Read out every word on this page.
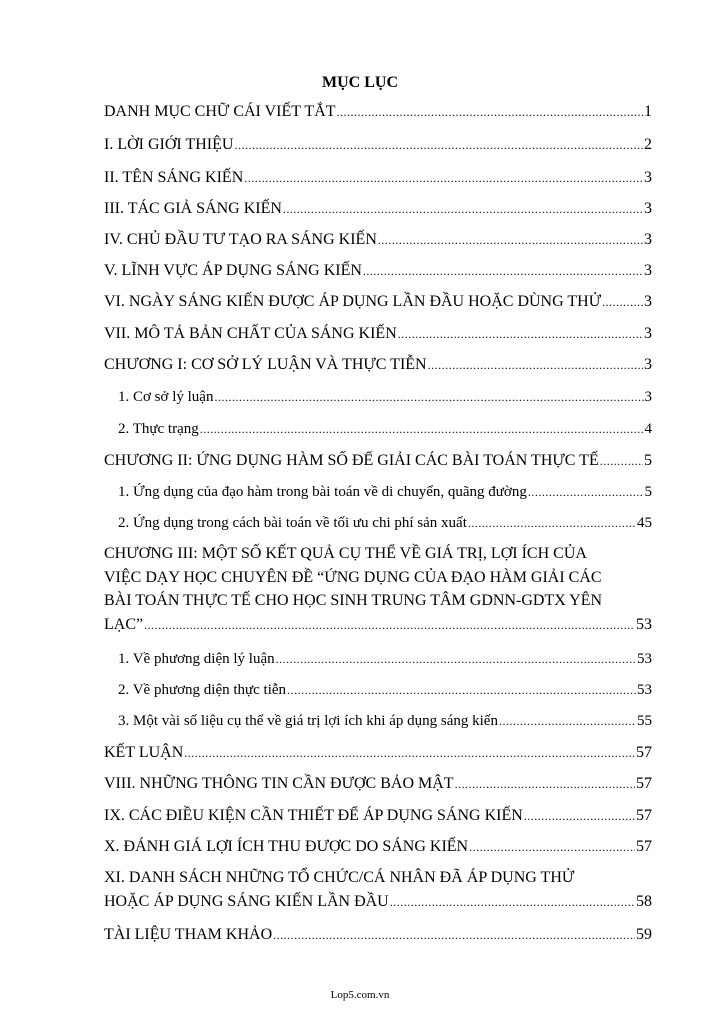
MỤC LỤC
DANH MỤC CHỮ CÁI VIẾT TẮT .....	1
I. LỜI GIỚI THIỆU .....	2
II. TÊN SÁNG KIẾN .....	3
III. TÁC GIẢ SÁNG KIẾN .....	3
IV. CHỦ ĐẦU TƯ TẠO RA SÁNG KIẾN .....	3
V. LĨNH VỰC ÁP DỤNG SÁNG KIẾN .....	3
VI. NGÀY SÁNG KIẾN ĐƯỢC ÁP DỤNG LẦN ĐẦU HOẶC DÙNG THỬ .....	3
VII. MÔ TẢ BẢN CHẤT CỦA SÁNG KIẾN .....	3
CHƯƠNG I: CƠ SỞ LÝ LUẬN VÀ THỰC TIỄN .....	3
1. Cơ sở lý luận .....	3
2. Thực trạng .....	4
CHƯƠNG II: ỨNG DỤNG HÀM SỐ ĐỂ GIẢI CÁC BÀI TOÁN THỰC TẾ .....	5
1. Ứng dụng của đạo hàm trong bài toán về di chuyển, quãng đường .....	5
2. Ứng dụng trong cách bài toán về tối ưu chi phí sản xuất .....	45
CHƯƠNG III: MỘT SỐ KẾT QUẢ CỤ THỂ VỀ GIÁ TRỊ, LỢI ÍCH CỦA
VIỆC DẠY HỌC CHUYÊN ĐỀ “ỨNG DỤNG CỦA ĐẠO HÀM GIẢI CÁC
BÀI TOÁN THỰC TẾ CHO HỌC SINH TRUNG TÂM GDNN-GDTX YÊN
LẠC” .....	53
1. Về phương diện lý luận .....	53
2. Về phương diện thực tiễn .....	53
3. Một vài số liệu cụ thể về giá trị lợi ích khi áp dụng sáng kiến .....	55
KẾT LUẬN .....	57
VIII. NHỮNG THÔNG TIN CẦN ĐƯỢC BẢO MẬT .....	57
IX. CÁC ĐIỀU KIỆN CẦN THIẾT ĐỂ ÁP DỤNG SÁNG KIẾN .....	57
X. ĐÁNH GIÁ LỢI ÍCH THU ĐƯỢC DO SÁNG KIẾN .....	57
XI. DANH SÁCH NHỮNG TỔ CHỨC/CÁ NHÂN ĐÃ ÁP DỤNG THỬ
HOẶC ÁP DỤNG SÁNG KIẾN LẦN ĐẦU .....	58
TÀI LIỆU THAM KHẢO .....	59
Lop5.com.vn
